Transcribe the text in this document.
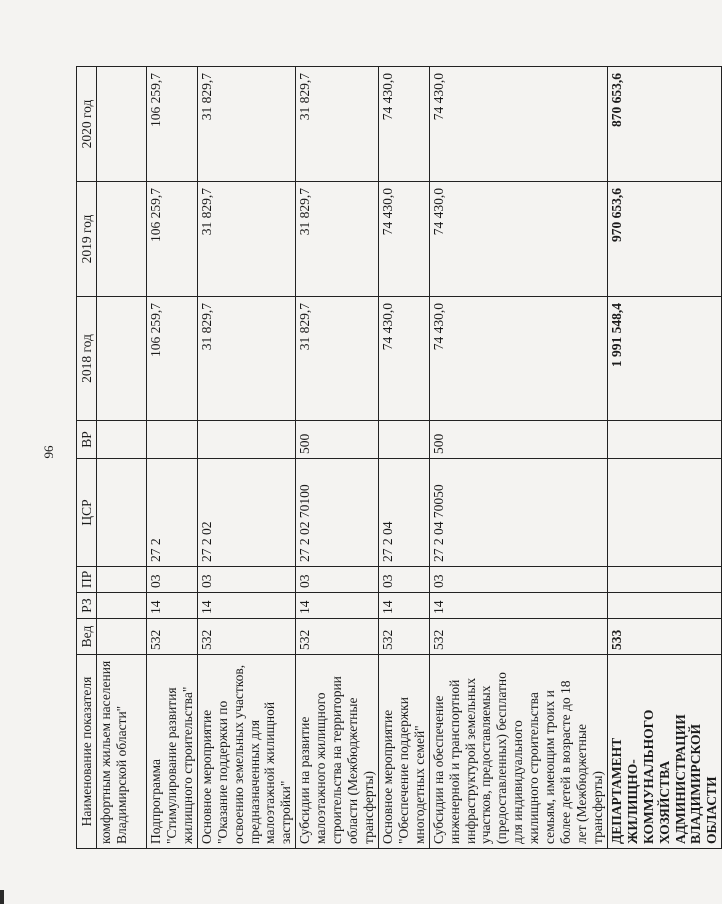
96
Наименование показателя	Вед	РЗ	ПР	ЦСР	ВР	2018 год	2019 год	2020 год
комфортным жильем населения Владимирской области"								
Подпрограмма "Стимулирование развития жилищного строительства"	532	14	03	27 2		106 259,7	106 259,7	106 259,7
Основное мероприятие "Оказание поддержки по освоению земельных участков, предназначенных для малоэтажной жилищной застройки"	532	14	03	27 2 02		31 829,7	31 829,7	31 829,7
Субсидии на развитие малоэтажного жилищного строительства на территории области (Межбюджетные трансферты)	532	14	03	27 2 02 70100	500	31 829,7	31 829,7	31 829,7
Основное мероприятие "Обеспечение поддержки многодетных семей"	532	14	03	27 2 04		74 430,0	74 430,0	74 430,0
Субсидии на обеспечение инженерной и транспортной инфраструктурой земельных участков, предоставляемых (предоставленных) бесплатно для индивидуального жилищного строительства семьям, имеющим троих и более детей в возрасте до 18 лет (Межбюджетные трансферты)	532	14	03	27 2 04 70050	500	74 430,0	74 430,0	74 430,0
ДЕПАРТАМЕНТ ЖИЛИЩНО-КОММУНАЛЬНОГО ХОЗЯЙСТВА АДМИНИСТРАЦИИ ВЛАДИМИРСКОЙ ОБЛАСТИ	533					1 991 548,4	970 653,6	870 653,6
